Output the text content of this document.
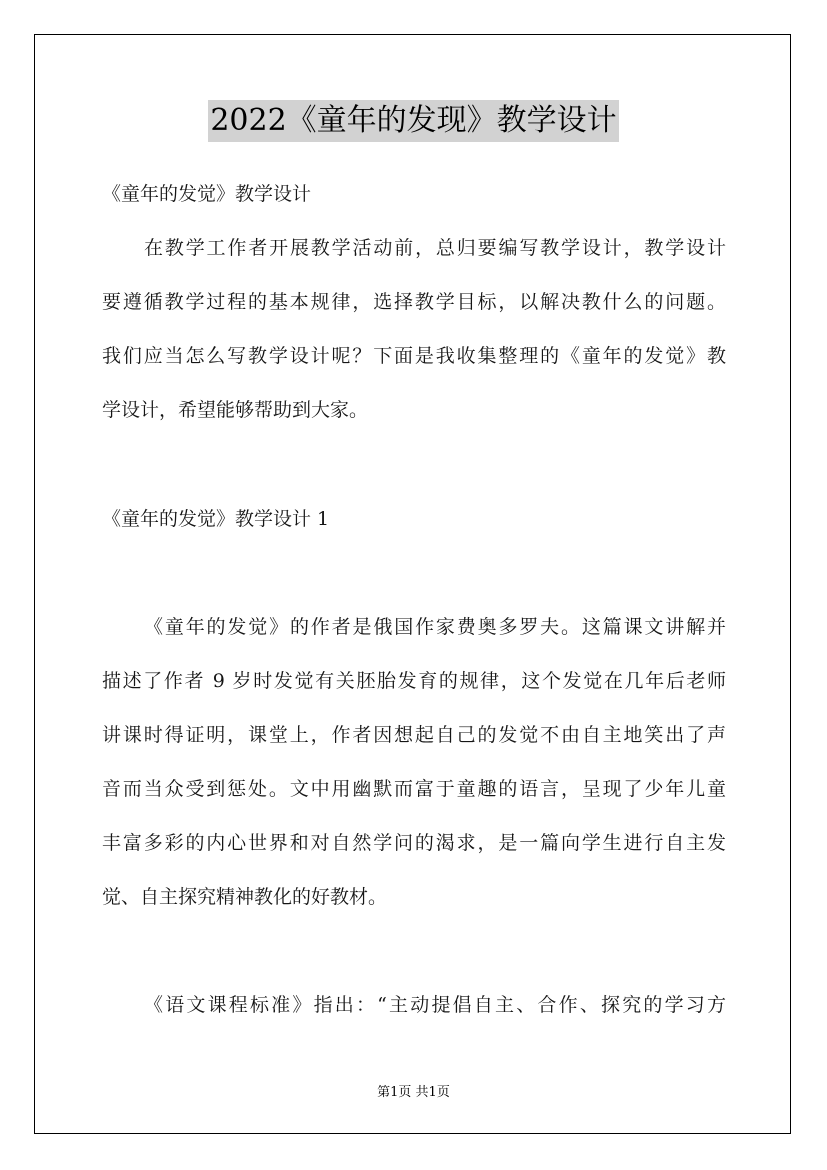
2022《童年的发现》教学设计
《童年的发觉》教学设计
在教学工作者开展教学活动前，总归要编写教学设计，教学设计
要遵循教学过程的基本规律，选择教学目标，以解决教什么的问题。
我们应当怎么写教学设计呢？下面是我收集整理的《童年的发觉》教
学设计，希望能够帮助到大家。
《童年的发觉》教学设计 1
《童年的发觉》的作者是俄国作家费奥多罗夫。这篇课文讲解并
描述了作者 9 岁时发觉有关胚胎发育的规律，这个发觉在几年后老师
讲课时得证明，课堂上，作者因想起自己的发觉不由自主地笑出了声
音而当众受到惩处。文中用幽默而富于童趣的语言，呈现了少年儿童
丰富多彩的内心世界和对自然学问的渴求，是一篇向学生进行自主发
觉、自主探究精神教化的好教材。
《语文课程标准》指出：“主动提倡自主、合作、探究的学习方
第1页 共1页
